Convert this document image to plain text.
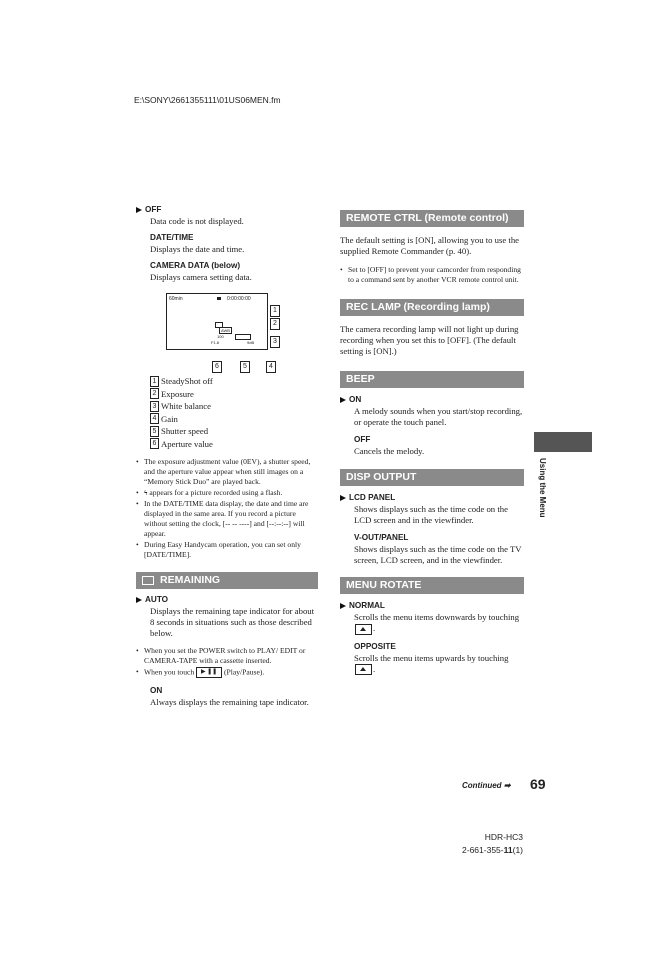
E:\SONY\2661355111\01US06MEN.fm

OFF

Data code is not displayed.

DATE/TIME

Displays the date and time.

CAMERA DATA (below)

Displays camera setting data.

60min	0:00:00:00
AWB
100
F1.8	9dB
1
2
3
6	5	4
1 SteadyShot off
2 Exposure
3 White balance
4 Gain
5 Shutter speed
6 Aperture value
• The exposure adjustment value (0EV), a shutter speed, and the aperture value appear when still images on a “Memory Stick Duo” are played back.
• ϟ appears for a picture recorded using a flash.
• In the DATE/TIME data display, the date and time are displayed in the same area. If you record a picture without setting the clock, [-- -- ----] and [--:--:--] will appear.
• During Easy Handycam operation, you can set only [DATE/TIME].
REMAINING

AUTO

Displays the remaining tape indicator for about 8 seconds in situations such as those described below.

• When you set the POWER switch to PLAY/ EDIT or CAMERA-TAPE with a cassette inserted.
• When you touch ▶ ❚❚ (Play/Pause).

ON

Always displays the remaining tape indicator.

REMOTE CTRL (Remote control)

The default setting is [ON], allowing you to use the supplied Remote Commander (p. 40).

• Set to [OFF] to prevent your camcorder from responding to a command sent by another VCR remote control unit.
REC LAMP (Recording lamp)

The camera recording lamp will not light up during recording when you set this to [OFF]. (The default setting is [ON].)

BEEP

ON

A melody sounds when you start/stop recording, or operate the touch panel.

OFF

Cancels the melody.

DISP OUTPUT

LCD PANEL

Shows displays such as the time code on the LCD screen and in the viewfinder.

V-OUT/PANEL

Shows displays such as the time code on the TV screen, LCD screen, and in the viewfinder.

MENU ROTATE

NORMAL

Scrolls the menu items downwards by touching .

OPPOSITE

Scrolls the menu items upwards by touching .

Using the Menu
Continued ➡ 69
HDR-HC3
2-661-355-11(1)
